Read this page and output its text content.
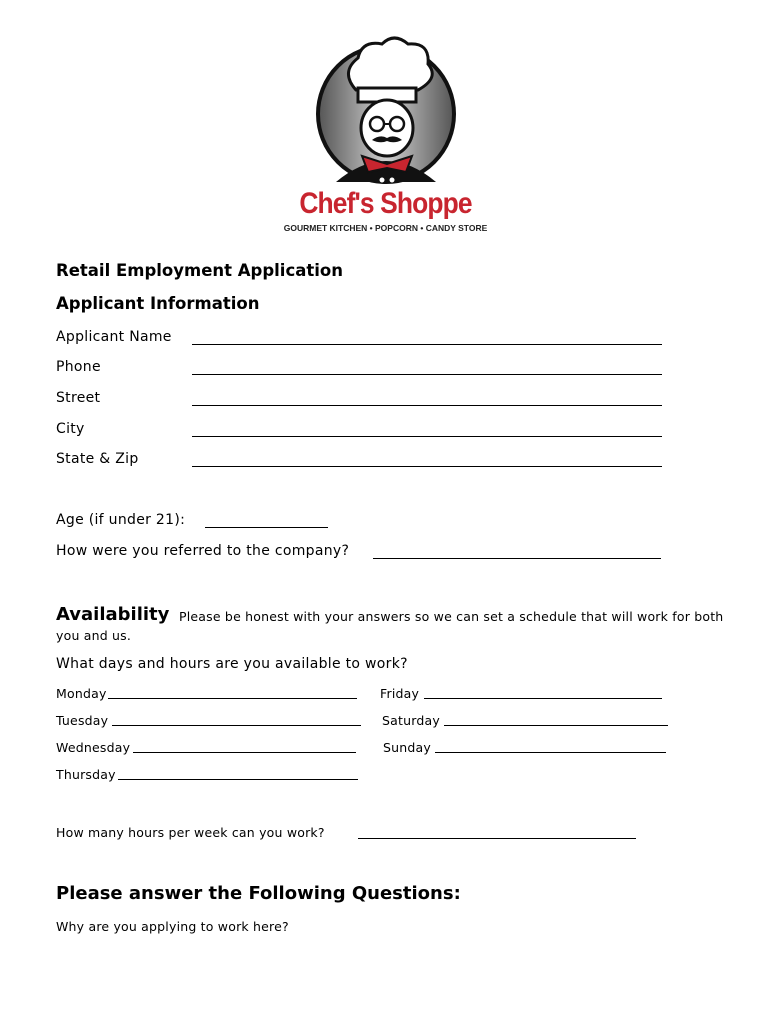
Chef's Shoppe
GOURMET KITCHEN • POPCORN • CANDY STORE
Retail Employment Application
Applicant Information
Applicant Name
Phone
Street
City
State & Zip
Age (if under 21):
How were you referred to the company?
Availability Please be honest with your answers so we can set a schedule that will work for both
you and us.
What days and hours are you available to work?
Monday
Tuesday
Wednesday
Thursday
Friday
Saturday
Sunday
How many hours per week can you work?
Please answer the Following Questions:
Why are you applying to work here?
